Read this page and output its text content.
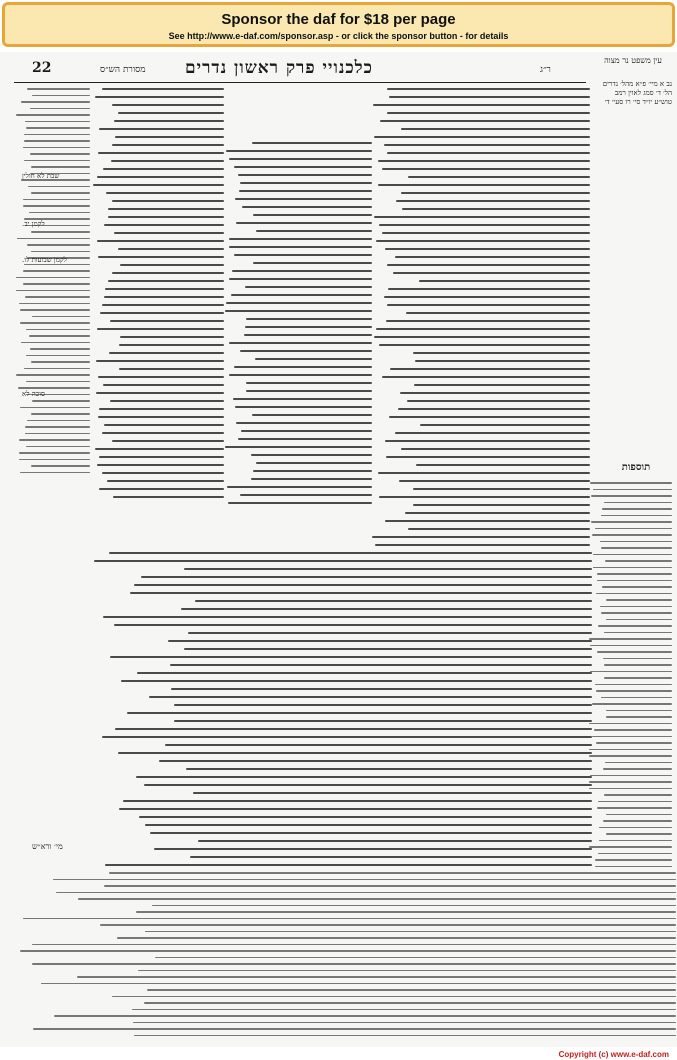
Sponsor the daf for $18 per page
See http://www.e-daf.com/sponsor.asp - or click the sponsor button - for details
22	כלכנויי פרק ראשון נדרים
מסורת הש״ס	ר״ג
עין משפט נר מצוה
נב א מיי׳ פ״א מהל׳ נדרים הל׳ ד׳ סמג לאוין רמב טוש״ע יו״ד סי׳ רו סעי׳ ד׳
תוספות
שבת לא חולין
לקמן יב.
לקמן שבועות לו.
סוכה לא
מי׳ ורא״ש
Copyright (c) www.e-daf.com
